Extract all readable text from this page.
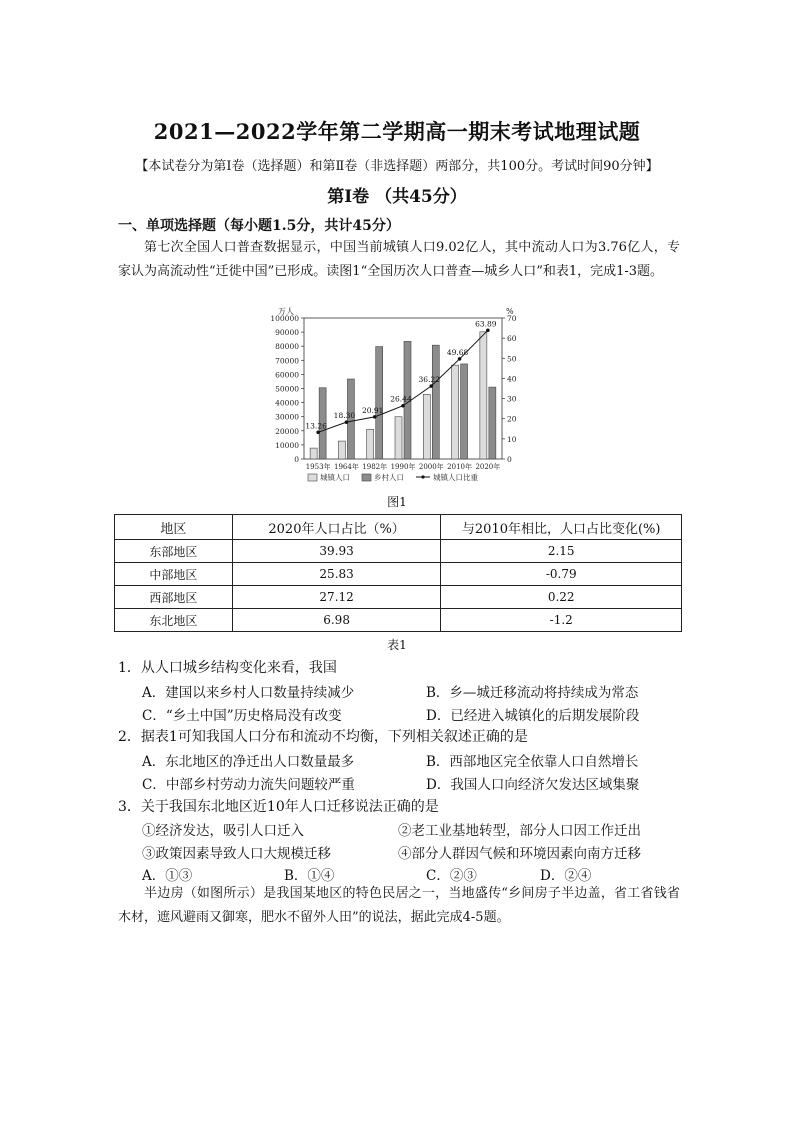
2021—2022学年第二学期高一期末考试地理试题
【本试卷分为第Ⅰ卷（选择题）和第Ⅱ卷（非选择题）两部分，共100分。考试时间90分钟】
第Ⅰ卷 （共45分）
一、单项选择题（每小题1.5分，共计45分）
第七次全国人口普查数据显示，中国当前城镇人口9.02亿人，其中流动人口为3.76亿人，专家认为高流动性“迁徙中国”已形成。读图1“全国历次人口普查—城乡人口”和表1，完成1-3题。
万人	%
0
10000
20000
30000
40000
50000
60000
70000
80000
90000
100000
0
10
20
30
40
50
60
70
1953年 1964年 1982年 1990年 2000年 2010年 2020年
13.26
18.30
20.91
26.44
36.22
49.68
63.89
城镇人口	乡村人口	城镇人口比重
图1
地区	2020年人口占比（%）	与2010年相比，人口占比变化(%)
东部地区	39.93	2.15
中部地区	25.83	-0.79
西部地区	27.12	0.22
东北地区	6.98	-1.2
表1
1．从人口城乡结构变化来看，我国
A．建国以来乡村人口数量持续减少	B．乡—城迁移流动将持续成为常态
C．“乡土中国”历史格局没有改变	D．已经进入城镇化的后期发展阶段
2．据表1可知我国人口分布和流动不均衡，下列相关叙述正确的是
A．东北地区的净迁出人口数量最多	B．西部地区完全依靠人口自然增长
C．中部乡村劳动力流失问题较严重	D．我国人口向经济欠发达区域集聚
3．关于我国东北地区近10年人口迁移说法正确的是
①经济发达，吸引人口迁入	②老工业基地转型，部分人口因工作迁出
③政策因素导致人口大规模迁移	④部分人群因气候和环境因素向南方迁移
A．①③	B．①④	C．②③	D．②④
半边房（如图所示）是我国某地区的特色民居之一，当地盛传“乡间房子半边盖，省工省钱省木材，遮风避雨又御寒，肥水不留外人田”的说法，据此完成4-5题。
